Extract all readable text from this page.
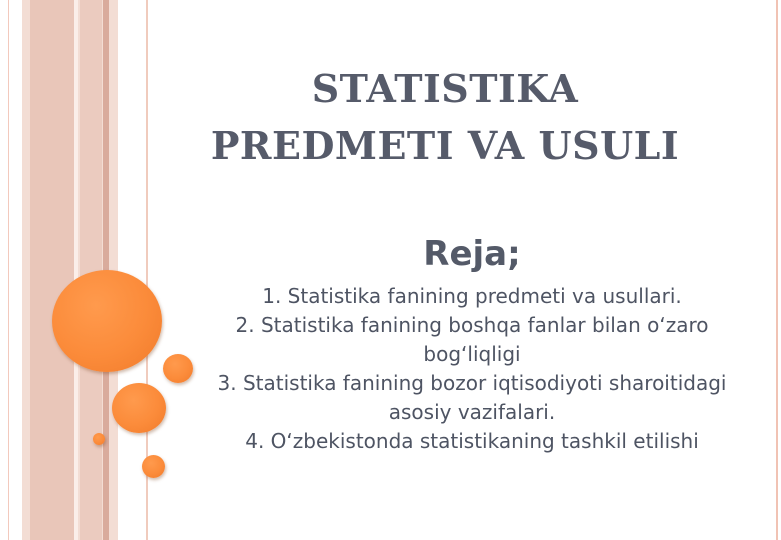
STATISTIKA
PREDMETI VA USULI
Reja;
1. Statistika fanining predmeti va usullari.
2. Statistika fanining boshqa fanlar bilan o‘zaro bog‘liqligi
3. Statistika fanining bozor iqtisodiyoti sharoitidagi asosiy vazifalari.
4. O‘zbekistonda statistikaning tashkil etilishi
